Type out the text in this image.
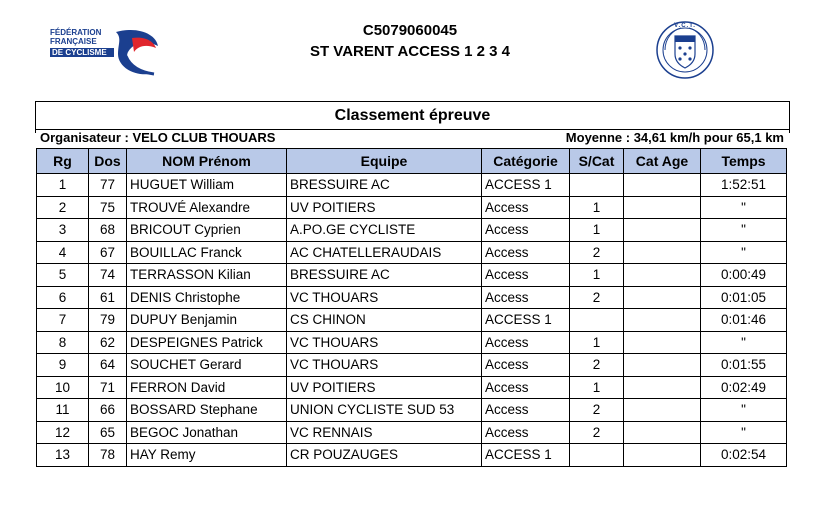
FÉDÉRATION
FRANÇAISE
DE CYCLISME
C5079060045
ST VARENT ACCESS 1 2 3 4
V.C.T.
Classement épreuve
Organisateur : VELO CLUB THOUARS	Moyenne : 34,61 km/h pour 65,1 km
Rg	Dos	NOM Prénom	Equipe	Catégorie	S/Cat	Cat Age	Temps
1	77	HUGUET William	BRESSUIRE AC	ACCESS 1			1:52:51
2	75	TROUVÉ Alexandre	UV POITIERS	Access	1		"
3	68	BRICOUT Cyprien	A.PO.GE CYCLISTE	Access	1		"
4	67	BOUILLAC Franck	AC CHATELLERAUDAIS	Access	2		"
5	74	TERRASSON Kilian	BRESSUIRE AC	Access	1		0:00:49
6	61	DENIS Christophe	VC THOUARS	Access	2		0:01:05
7	79	DUPUY Benjamin	CS CHINON	ACCESS 1			0:01:46
8	62	DESPEIGNES Patrick	VC THOUARS	Access	1		"
9	64	SOUCHET Gerard	VC THOUARS	Access	2		0:01:55
10	71	FERRON David	UV POITIERS	Access	1		0:02:49
11	66	BOSSARD Stephane	UNION CYCLISTE SUD 53	Access	2		"
12	65	BEGOC Jonathan	VC RENNAIS	Access	2		"
13	78	HAY Remy	CR POUZAUGES	ACCESS 1			0:02:54
